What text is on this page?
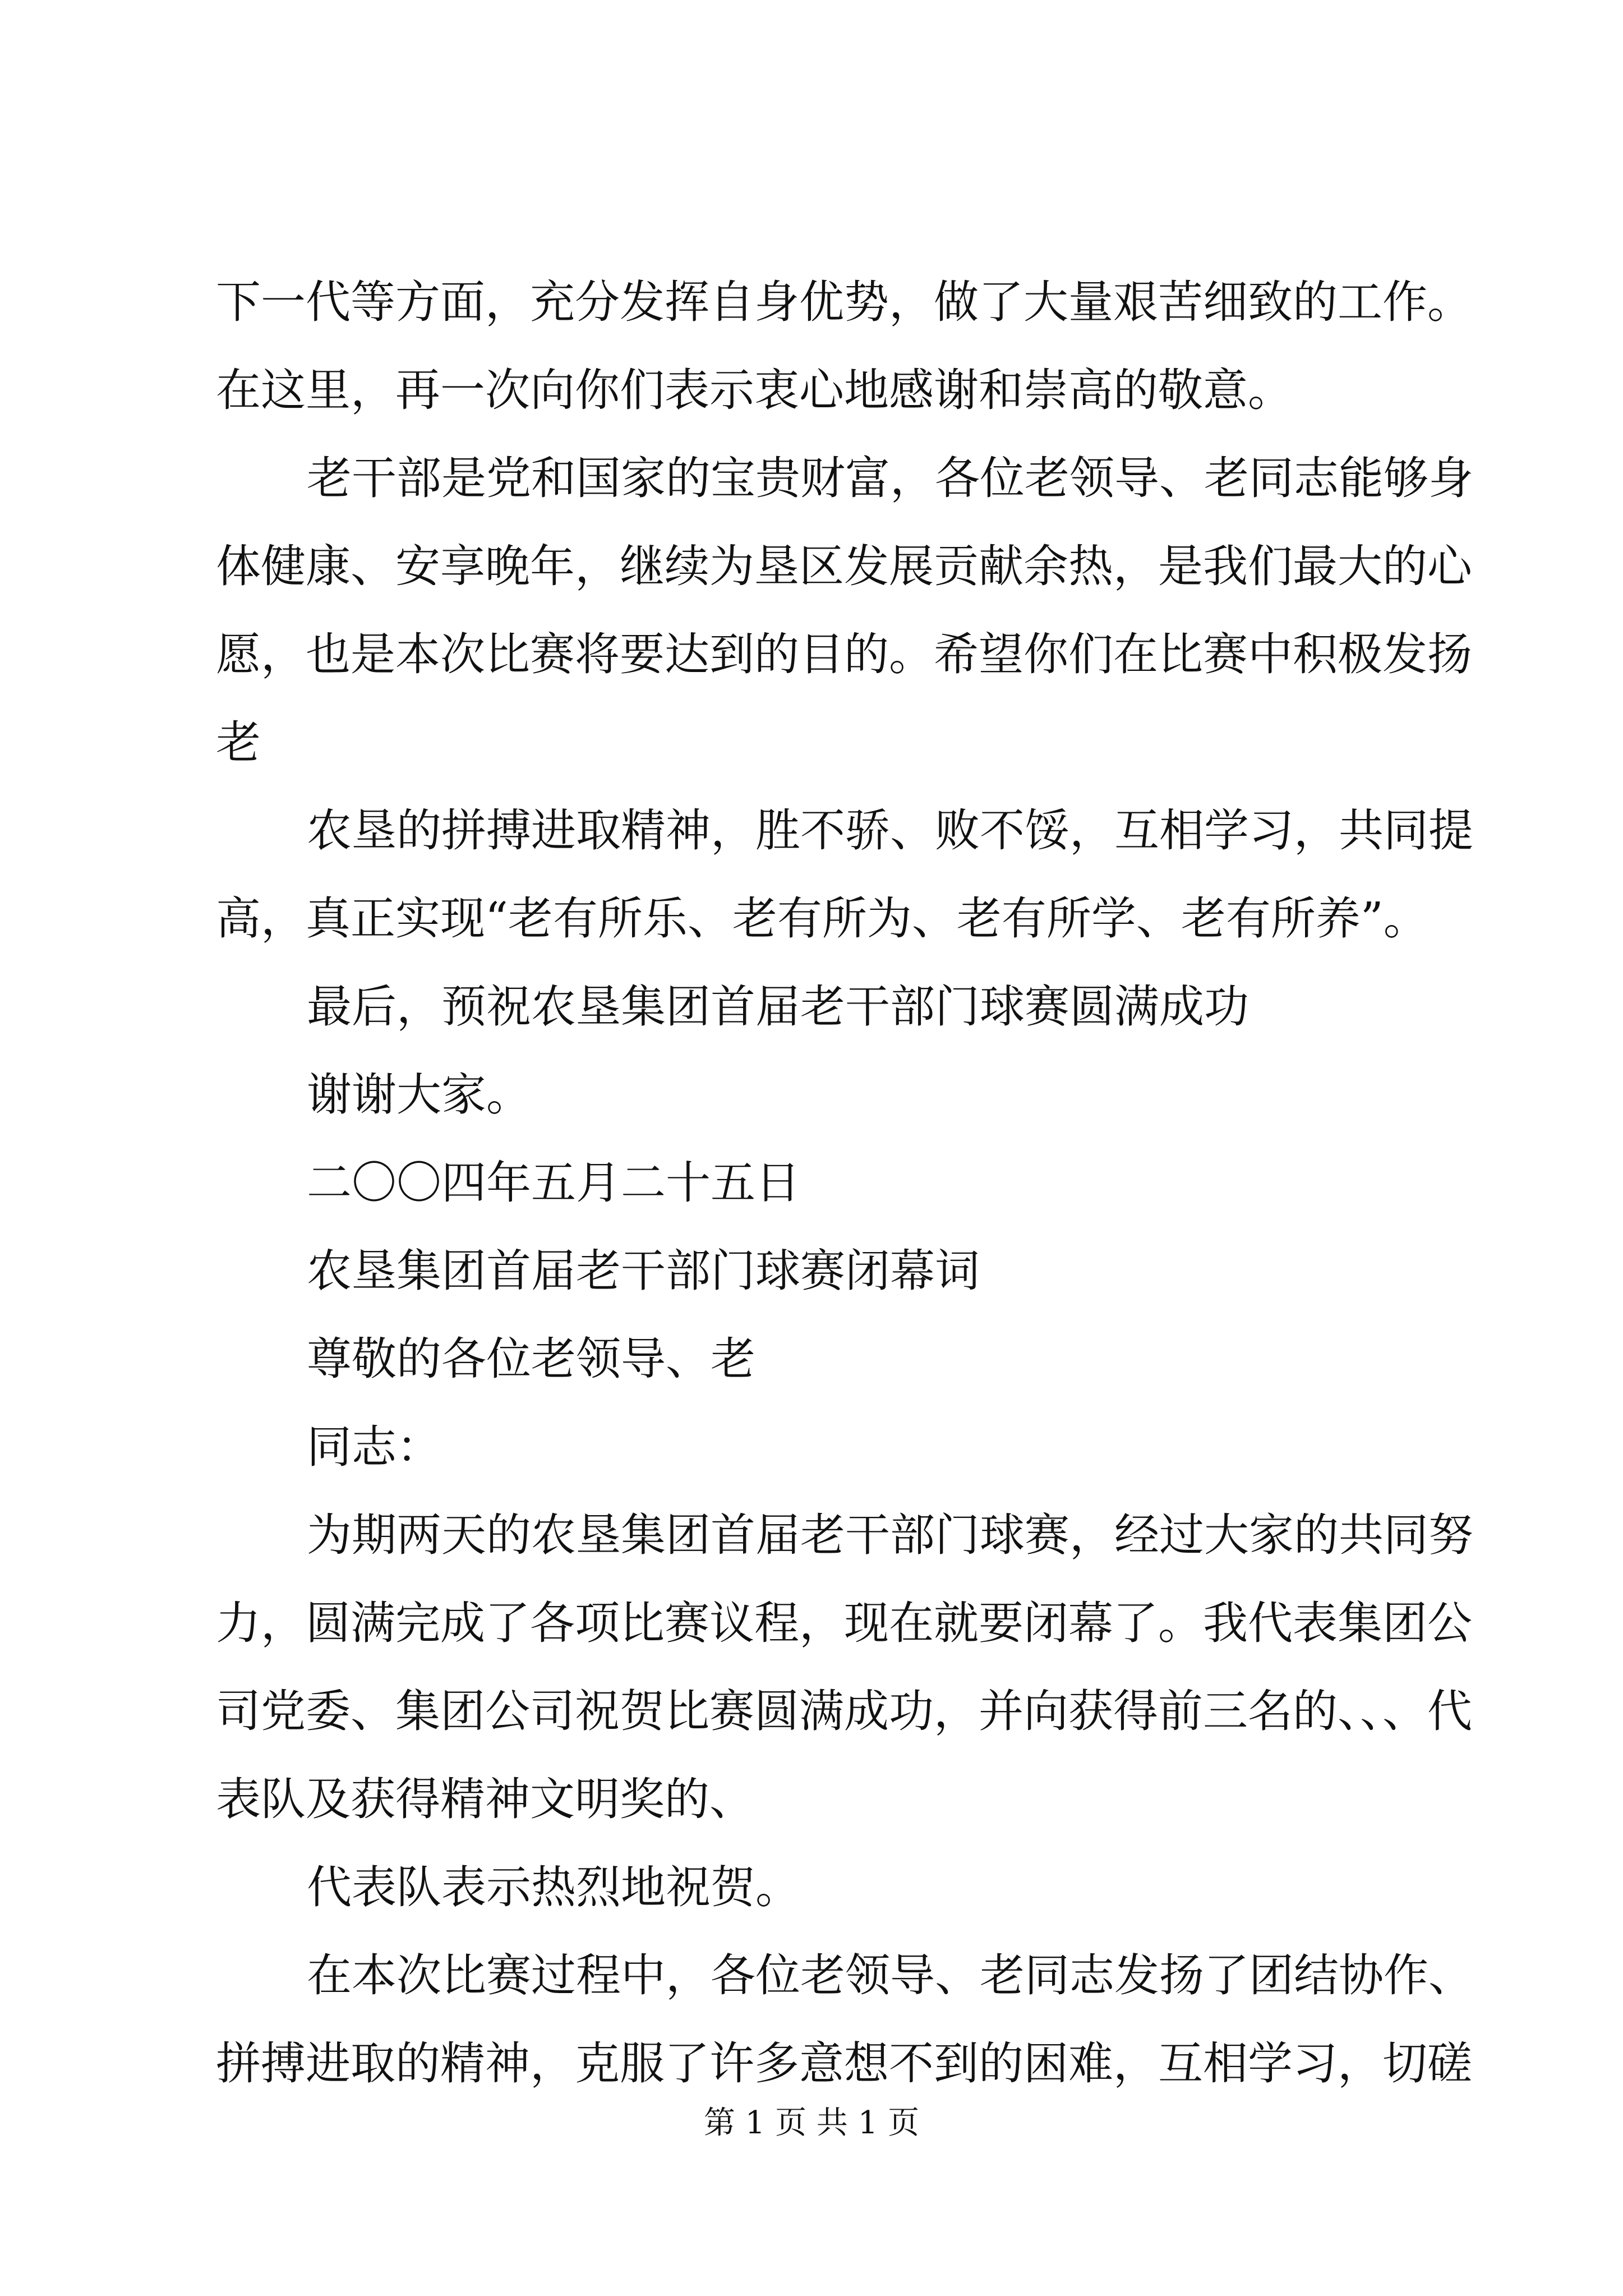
下一代等方面，充分发挥自身优势，做了大量艰苦细致的工作。

在这里，再一次向你们表示衷心地感谢和崇高的敬意。

老干部是党和国家的宝贵财富，各位老领导、老同志能够身

体健康、安享晚年，继续为垦区发展贡献余热，是我们最大的心

愿，也是本次比赛将要达到的目的。希望你们在比赛中积极发扬

老

农垦的拼搏进取精神，胜不骄、败不馁，互相学习，共同提

高，真正实现“老有所乐、老有所为、老有所学、老有所养”。

最后，预祝农垦集团首届老干部门球赛圆满成功

谢谢大家。

二〇〇四年五月二十五日

农垦集团首届老干部门球赛闭幕词

尊敬的各位老领导、老

同志：

为期两天的农垦集团首届老干部门球赛，经过大家的共同努

力，圆满完成了各项比赛议程，现在就要闭幕了。我代表集团公

司党委、集团公司祝贺比赛圆满成功，并向获得前三名的、、、代

表队及获得精神文明奖的、

代表队表示热烈地祝贺。

在本次比赛过程中，各位老领导、老同志发扬了团结协作、

拼搏进取的精神，克服了许多意想不到的困难，互相学习，切磋

第 1 页 共 1 页
